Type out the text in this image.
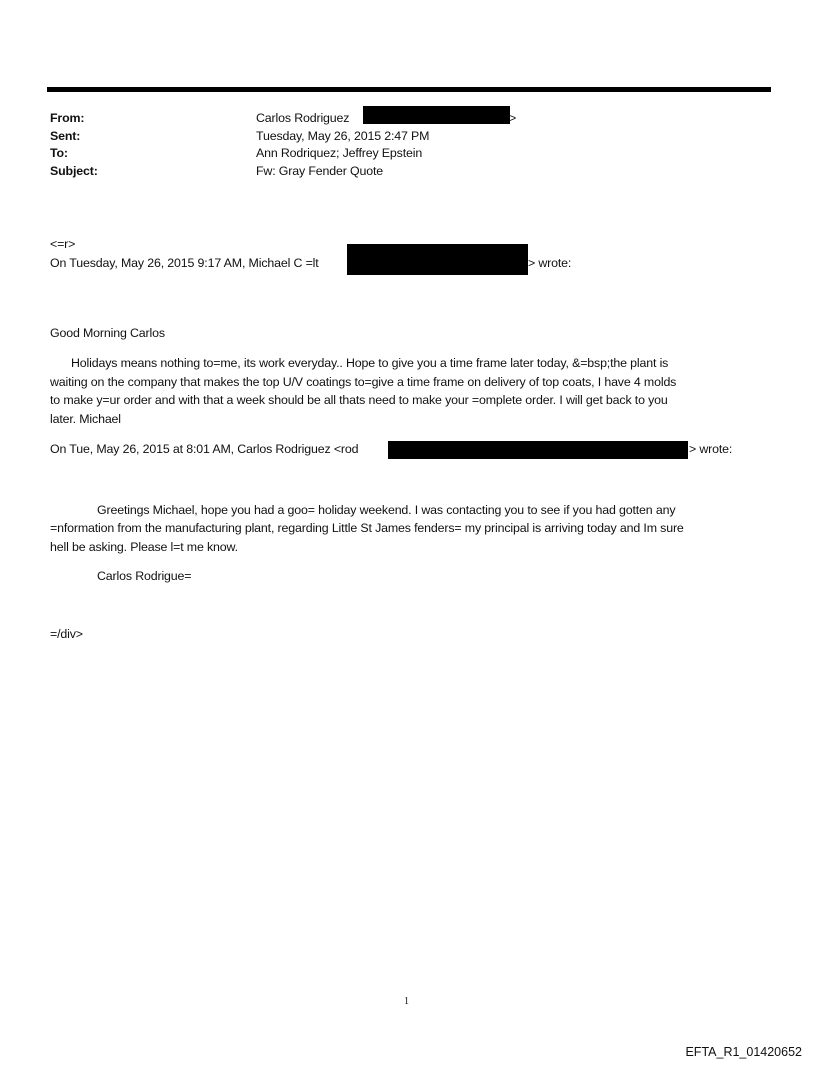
From:	Carlos Rodriguez	>
Sent:	Tuesday, May 26, 2015 2:47 PM
To:	Ann Rodriquez; Jeffrey Epstein
Subject:	Fw: Gray Fender Quote
<=r>
On Tuesday, May 26, 2015 9:17 AM, Michael C =lt	> wrote:
Good Morning Carlos
Holidays means nothing to=me, its work everyday.. Hope to give you a time frame later today, &=bsp;the plant is
waiting on the company that makes the top U/V coatings to=give a time frame on delivery of top coats, I have 4 molds
to make y=ur order and with that a week should be all thats need to make your =omplete order. I will get back to you
later. Michael
On Tue, May 26, 2015 at 8:01 AM, Carlos Rodriguez <rod	> wrote:
Greetings Michael, hope you had a goo= holiday weekend. I was contacting you to see if you had gotten any
=nformation from the manufacturing plant, regarding Little St James fenders= my principal is arriving today and Im sure
hell be asking. Please l=t me know.
Carlos Rodrigue=
=/div>
1
EFTA_R1_01420652
